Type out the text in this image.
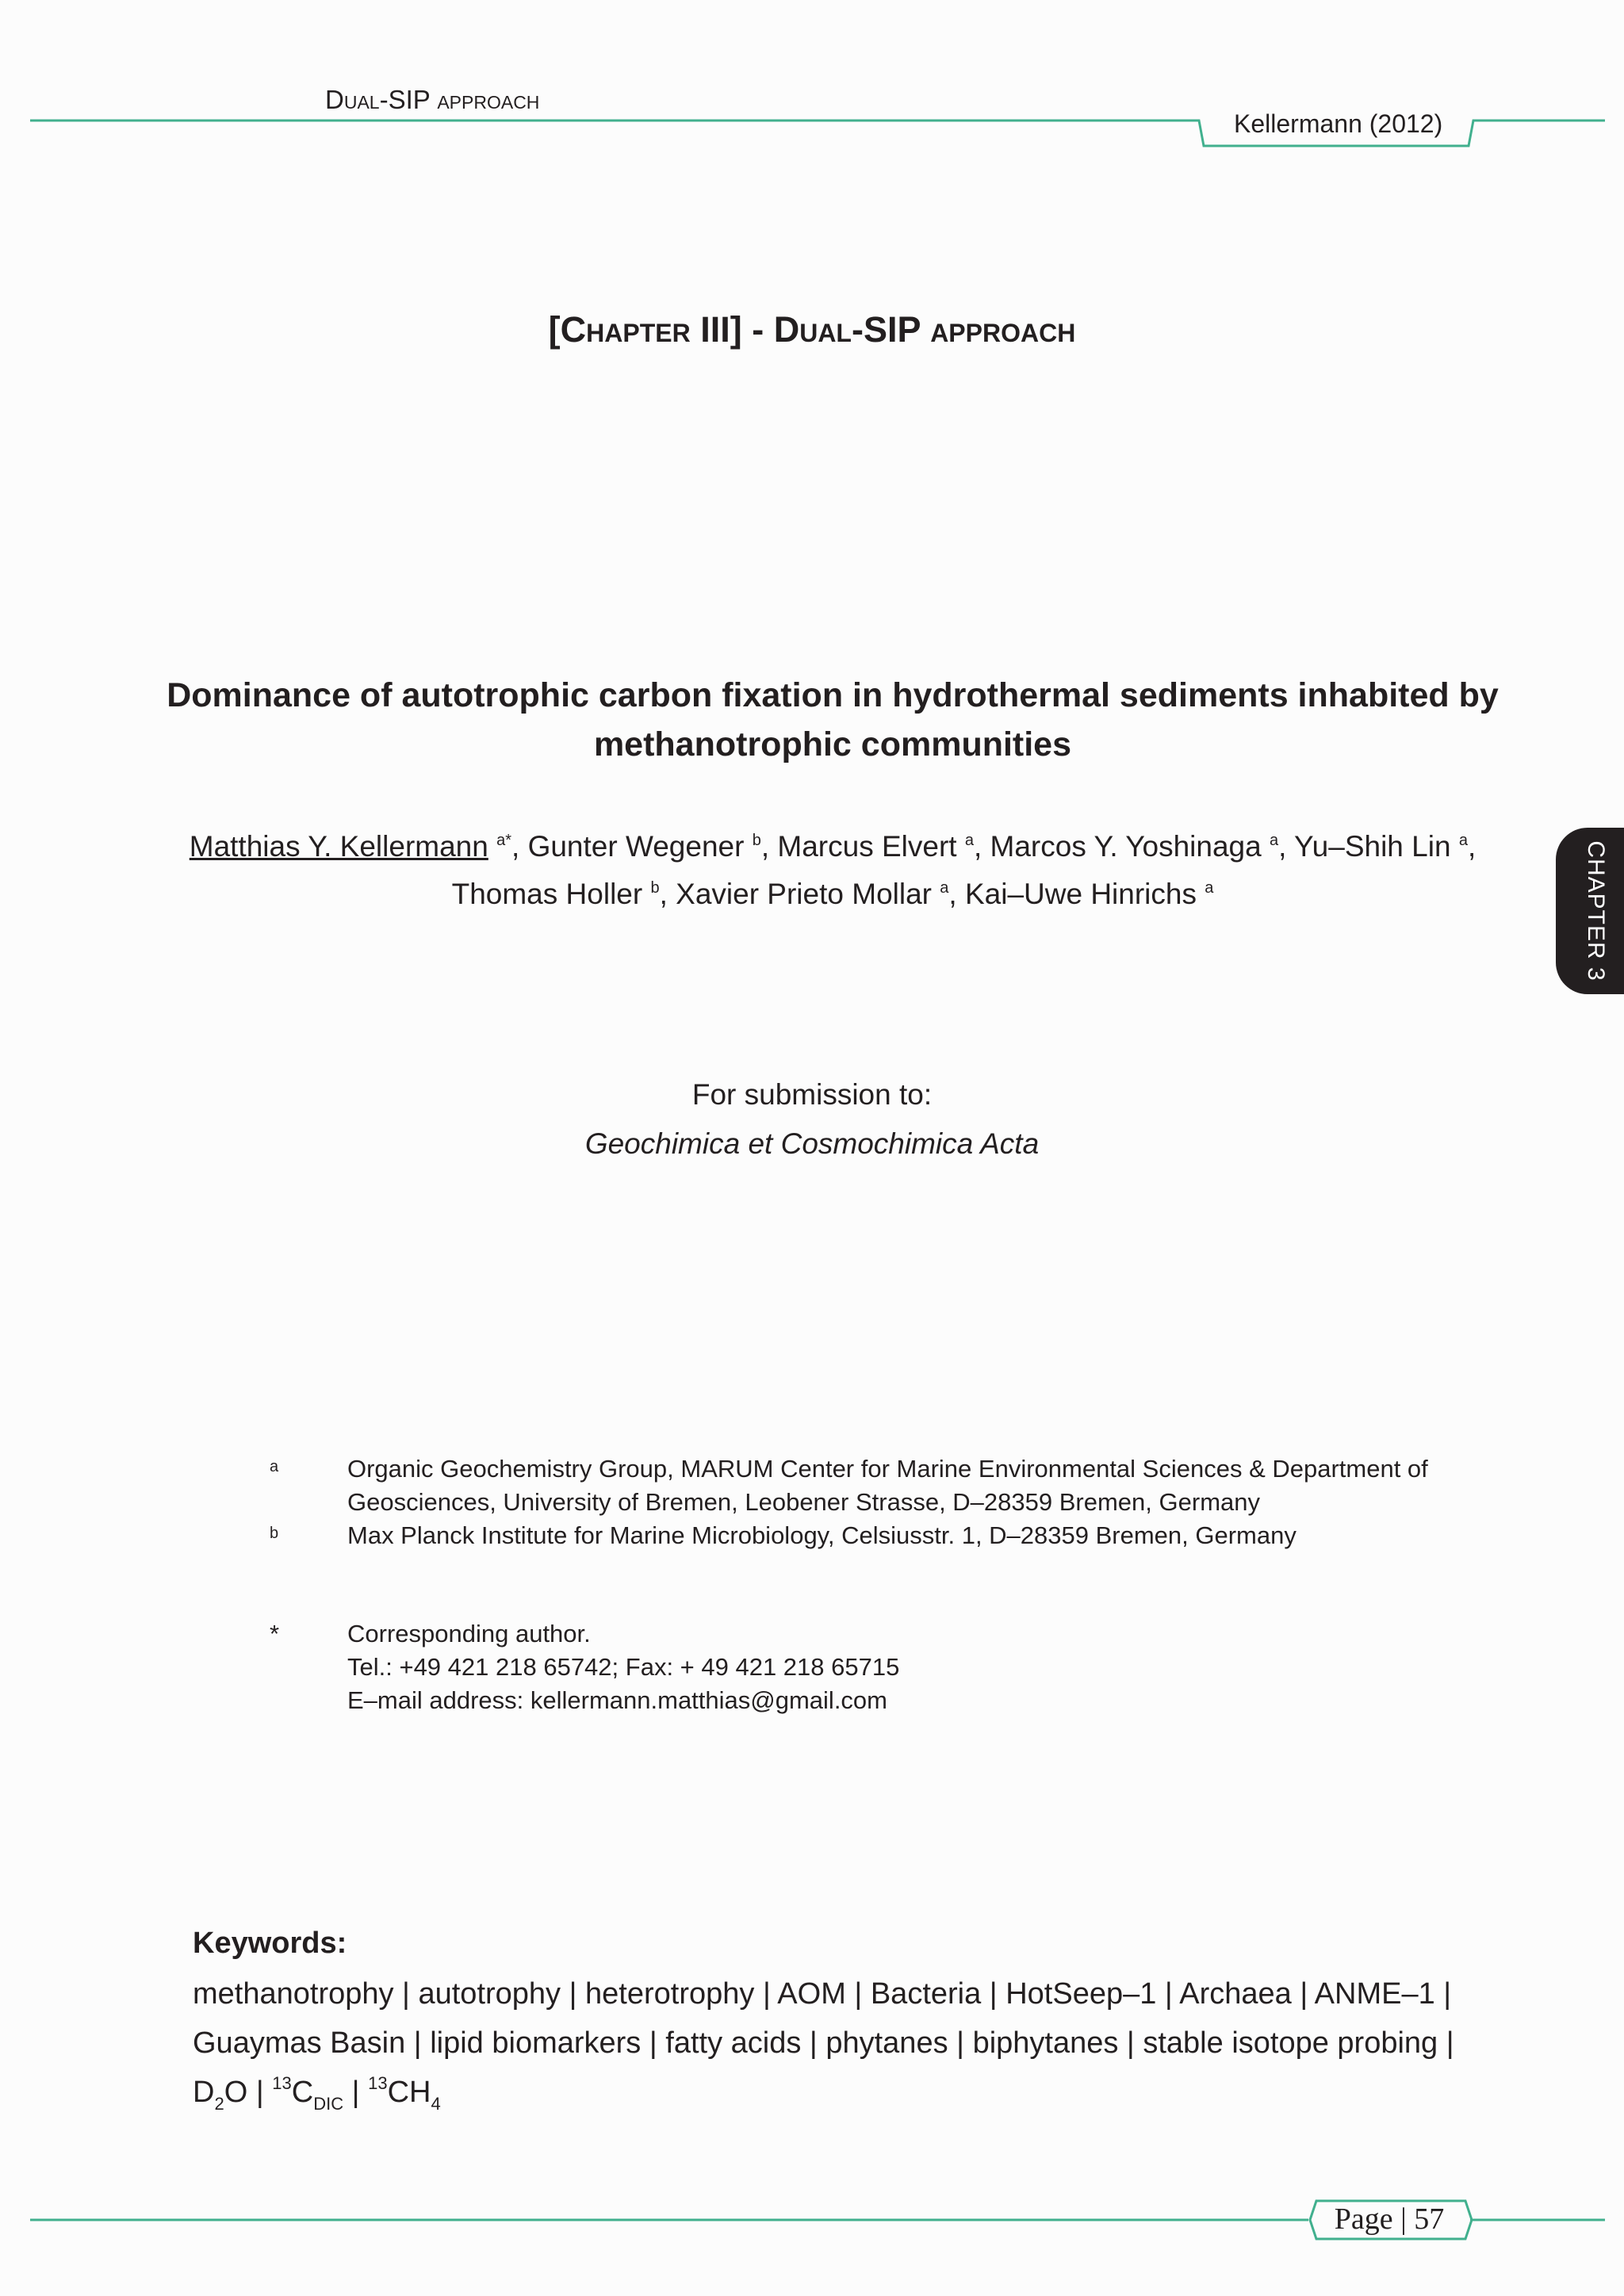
Dual-SIP approach
Kellermann (2012)
[Chapter III] - Dual-SIP approach
Dominance of autotrophic carbon fixation in hydrothermal sediments inhabited by methanotrophic communities
Matthias Y. Kellermann $^{a*}$, Gunter Wegener $^b$, Marcus Elvert $^a$, Marcos Y. Yoshinaga $^a$, Yu–Shih Lin $^a$, Thomas Holler $^b$, Xavier Prieto Mollar $^a$, Kai–Uwe Hinrichs $^a$
For submission to:
Geochimica et Cosmochimica Acta
a	Organic Geochemistry Group, MARUM Center for Marine Environmental Sciences & Department of
Geosciences, University of Bremen, Leobener Strasse, D–28359 Bremen, Germany
b	Max Planck Institute for Marine Microbiology, Celsiusstr. 1, D–28359 Bremen, Germany
*	Corresponding author.
Tel.: +49 421 218 65742; Fax: + 49 421 218 65715
E–mail address: kellermann.matthias@gmail.com
Keywords:
methanotrophy | autotrophy | heterotrophy | AOM | Bacteria | HotSeep–1 | Archaea | ANME–1 | Guaymas Basin | lipid biomarkers | fatty acids | phytanes | biphytanes | stable isotope probing | $D_2O$ | $^{13}C_{DIC}$ | $^{13}CH_4$
CHAPTER 3
Page | 57
